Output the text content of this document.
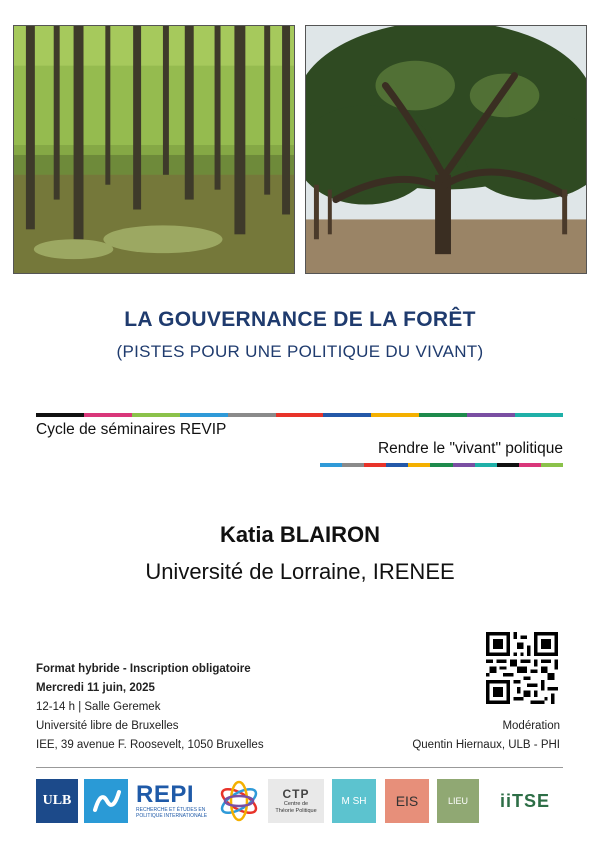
LA GOUVERNANCE DE LA FORÊT
(PISTES POUR UNE POLITIQUE DU VIVANT)
Cycle de séminaires REVIP
Rendre le "vivant" politique
Katia BLAIRON
Université de Lorraine, IRENEE
Format hybride - Inscription obligatoire
Mercredi 11 juin, 2025
12-14 h | Salle Geremek
Université libre de Bruxelles
IEE, 39 avenue F. Roosevelt, 1050 Bruxelles
Modération
Quentin Hiernaux, ULB - PHI
ULB	REPI
RECHERCHE ET ÉTUDES EN
POLITIQUE INTERNATIONALE
CTP
Centre de
Théorie Politique
M SH EIS	LIEU iiTSE
